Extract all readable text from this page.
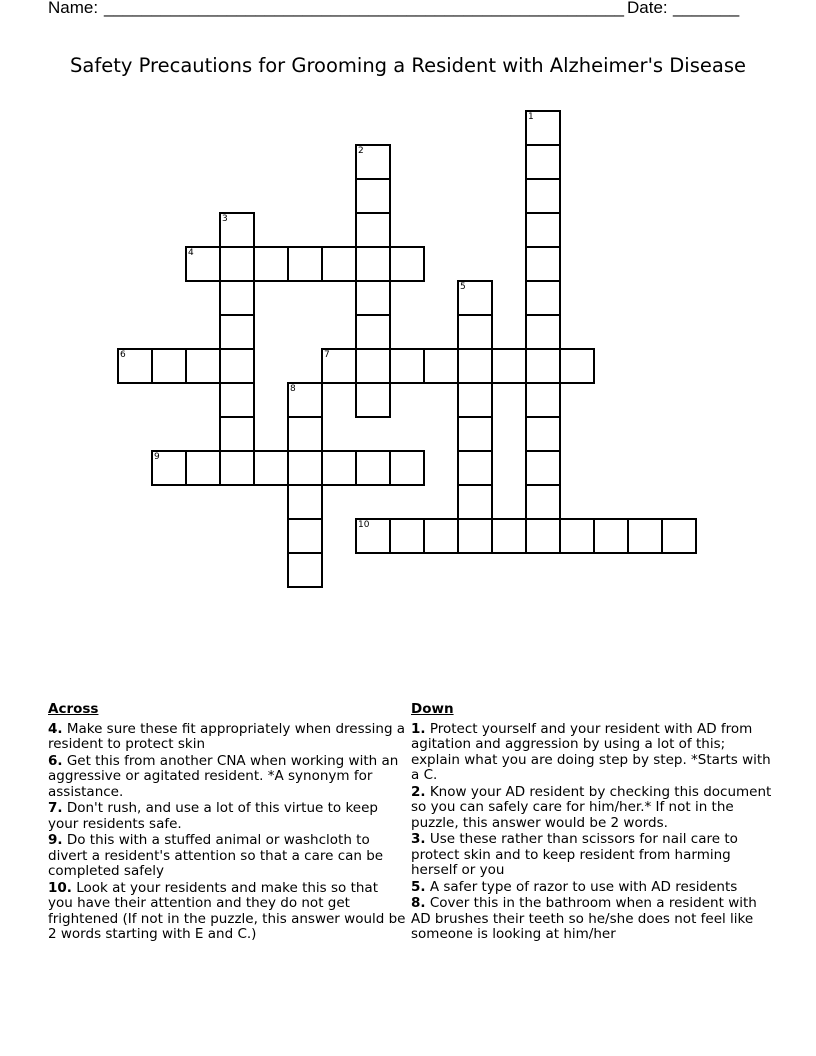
Name:

_______________________________________________________

Date:

_______

Safety Precautions for Grooming a Resident with Alzheimer's Disease
1
2
3
4
5
6	7
8
9
10
Across
4. Make sure these fit appropriately when dressing a resident to protect skin
6. Get this from another CNA when working with an aggressive or agitated resident. *A synonym for assistance.
7. Don't rush, and use a lot of this virtue to keep your residents safe.
9. Do this with a stuffed animal or washcloth to divert a resident's attention so that a care can be completed safely
10. Look at your residents and make this so that you have their attention and they do not get frightened (If not in the puzzle, this answer would be 2 words starting with E and C.)
Down
1. Protect yourself and your resident with AD from agitation and aggression by using a lot of this; explain what you are doing step by step. *Starts with a C.
2. Know your AD resident by checking this document so you can safely care for him/her.* If not in the puzzle, this answer would be 2 words.
3. Use these rather than scissors for nail care to protect skin and to keep resident from harming herself or you
5. A safer type of razor to use with AD residents
8. Cover this in the bathroom when a resident with AD brushes their teeth so he/she does not feel like someone is looking at him/her
